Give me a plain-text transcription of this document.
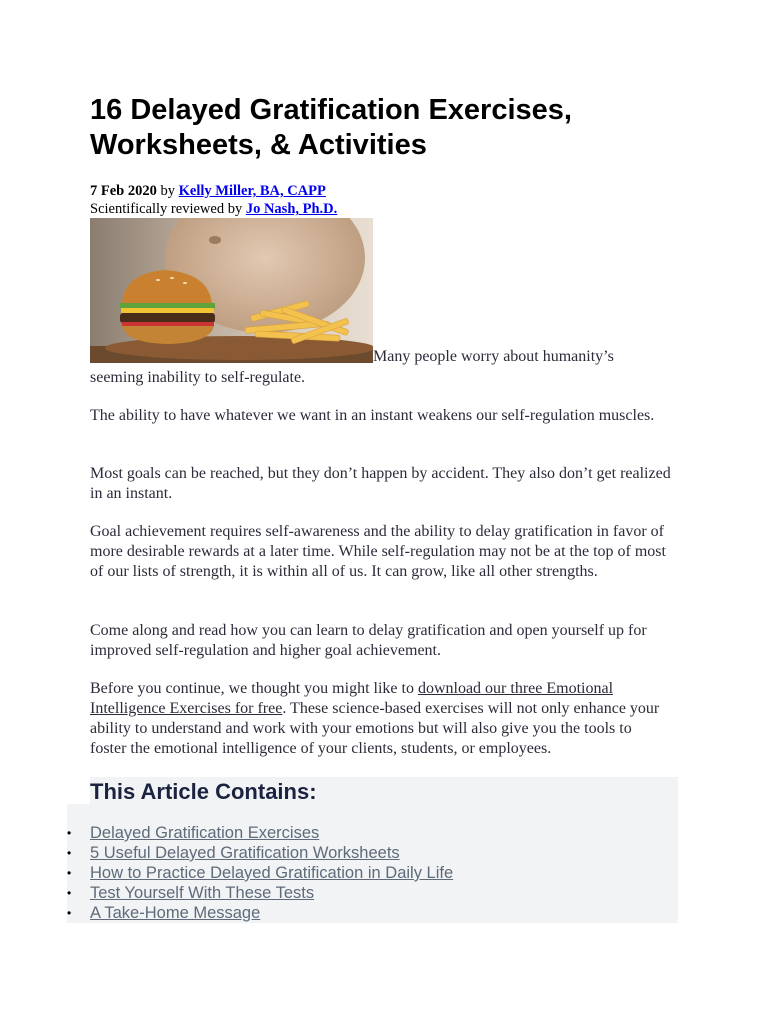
16 Delayed Gratification Exercises, Worksheets, & Activities
7 Feb 2020 by Kelly Miller, BA, CAPP
Scientifically reviewed by Jo Nash, Ph.D.
Many people worry about humanity’s
seeming inability to self-regulate.

The ability to have whatever we want in an instant weakens our self-regulation muscles.

Most goals can be reached, but they don’t happen by accident. They also don’t get realized in an instant.

Goal achievement requires self-awareness and the ability to delay gratification in favor of more desirable rewards at a later time. While self-regulation may not be at the top of most of our lists of strength, it is within all of us. It can grow, like all other strengths.

Come along and read how you can learn to delay gratification and open yourself up for improved self-regulation and higher goal achievement.

Before you continue, we thought you might like to download our three Emotional Intelligence Exercises for free. These science-based exercises will not only enhance your ability to understand and work with your emotions but will also give you the tools to foster the emotional intelligence of your clients, students, or employees.

This Article Contains:
• Delayed Gratification Exercises
• 5 Useful Delayed Gratification Worksheets
• How to Practice Delayed Gratification in Daily Life
• Test Yourself With These Tests
• A Take-Home Message
